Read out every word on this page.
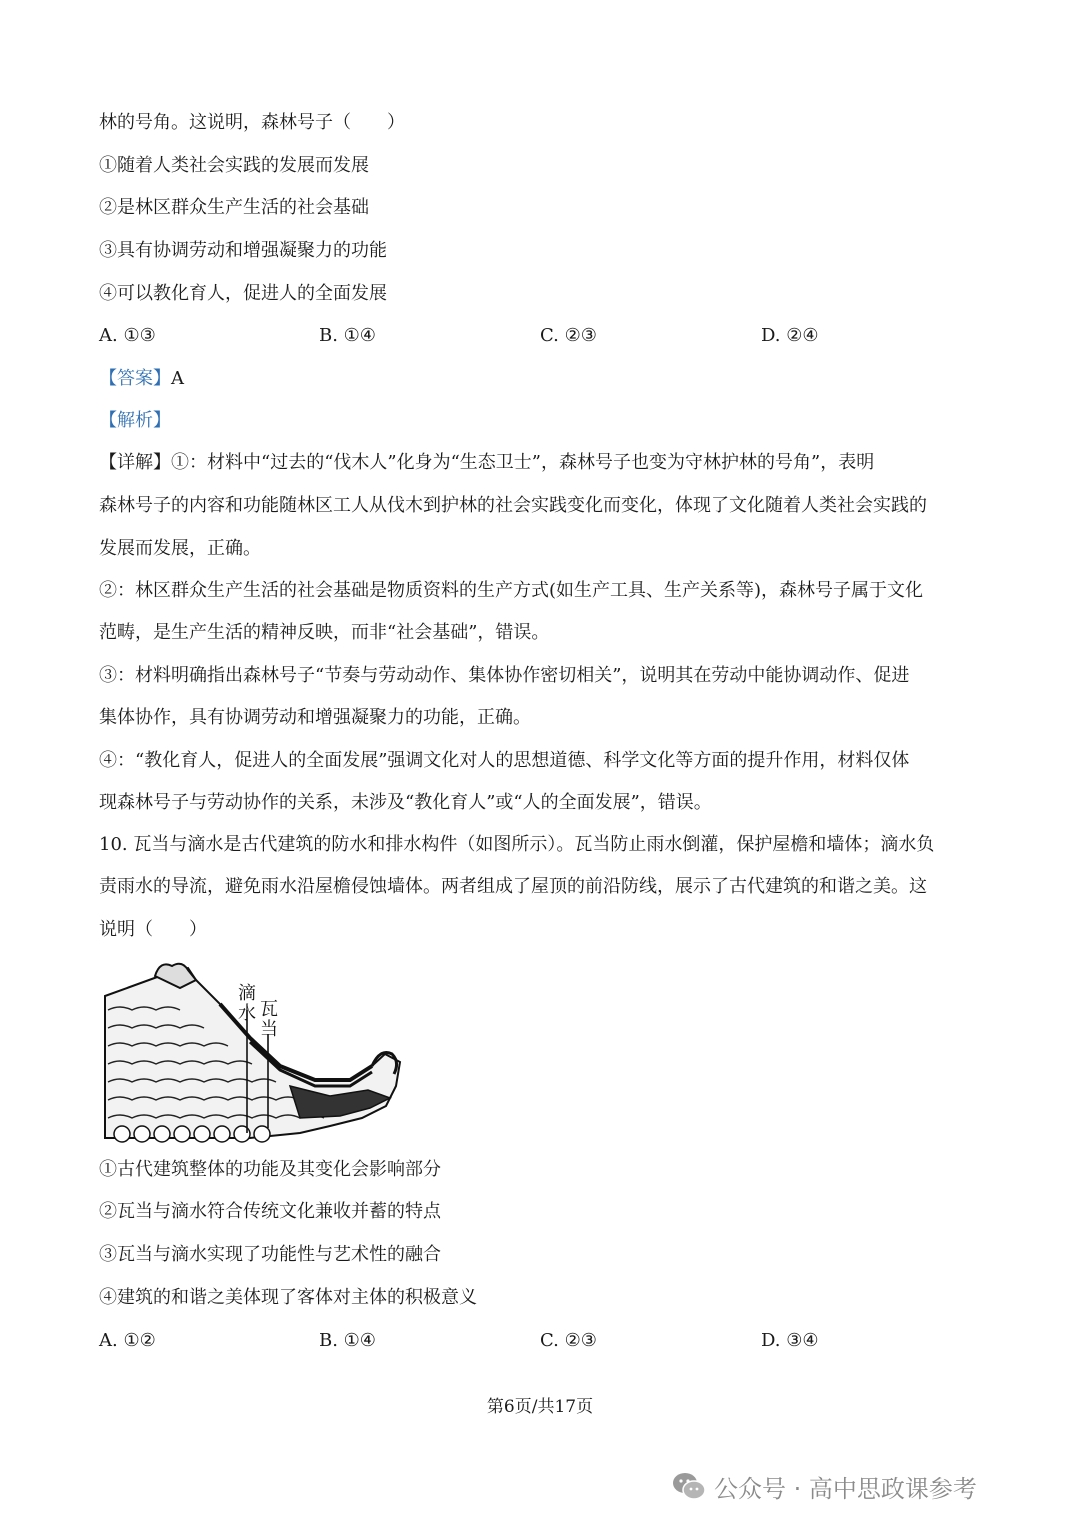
林的号角。这说明，森林号子（　　）
①随着人类社会实践的发展而发展
②是林区群众生产生活的社会基础
③具有协调劳动和增强凝聚力的功能
④可以教化育人，促进人的全面发展
A. ①③	B. ①④	C. ②③	D. ②④
【答案】A
【解析】
【详解】①：材料中“过去的“伐木人”化身为“生态卫士”，森林号子也变为守林护林的号角”，表明
森林号子的内容和功能随林区工人从伐木到护林的社会实践变化而变化，体现了文化随着人类社会实践的
发展而发展，正确。
②：林区群众生产生活的社会基础是物质资料的生产方式(如生产工具、生产关系等)，森林号子属于文化
范畴，是生产生活的精神反映，而非“社会基础”，错误。
③：材料明确指出森林号子“节奏与劳动动作、集体协作密切相关”，说明其在劳动中能协调动作、促进
集体协作，具有协调劳动和增强凝聚力的功能，正确。
④：“教化育人，促进人的全面发展”强调文化对人的思想道德、科学文化等方面的提升作用，材料仅体
现森林号子与劳动协作的关系，未涉及“教化育人”或“人的全面发展”，错误。
10. 瓦当与滴水是古代建筑的防水和排水构件（如图所示）。瓦当防止雨水倒灌，保护屋檐和墙体；滴水负
责雨水的导流，避免雨水沿屋檐侵蚀墙体。两者组成了屋顶的前沿防线，展示了古代建筑的和谐之美。这
说明（　　）
滴
水 瓦
当
①古代建筑整体的功能及其变化会影响部分
②瓦当与滴水符合传统文化兼收并蓄的特点
③瓦当与滴水实现了功能性与艺术性的融合
④建筑的和谐之美体现了客体对主体的积极意义
A. ①②	B. ①④	C. ②③	D. ③④
第6页/共17页
公众号 · 高中思政课参考
